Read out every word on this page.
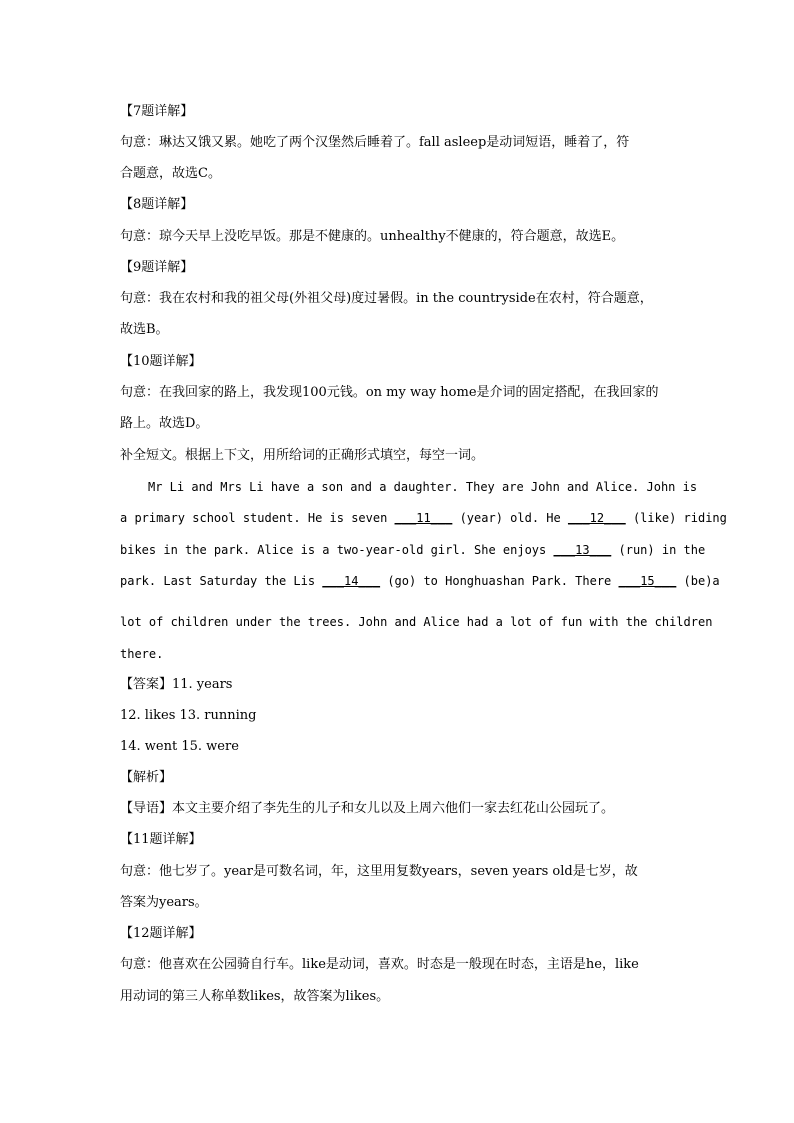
【7题详解】
句意：琳达又饿又累。她吃了两个汉堡然后睡着了。fall asleep是动词短语，睡着了，符
合题意，故选C。
【8题详解】
句意：琼今天早上没吃早饭。那是不健康的。unhealthy不健康的，符合题意，故选E。
【9题详解】
句意：我在农村和我的祖父母(外祖父母)度过暑假。in the countryside在农村，符合题意，
故选B。
【10题详解】
句意：在我回家的路上，我发现100元钱。on my way home是介词的固定搭配，在我回家的
路上。故选D。
补全短文。根据上下文，用所给词的正确形式填空，每空一词。
Mr Li and Mrs Li have a son and a daughter. They are John and Alice. John is
a primary school student. He is seven ___11___ (year) old. He ___12___ (like) riding
bikes in the park. Alice is a two-year-old girl. She enjoys ___13___ (run) in the
park. Last Saturday the Lis ___14___ (go) to Honghuashan Park. There ___15___ (be)a
lot of children under the trees. John and Alice had a lot of fun with the children
there.
【答案】11. years
12. likes 13. running
14. went 15. were
【解析】
【导语】本文主要介绍了李先生的儿子和女儿以及上周六他们一家去红花山公园玩了。
【11题详解】
句意：他七岁了。year是可数名词，年，这里用复数years，seven years old是七岁，故
答案为years。
【12题详解】
句意：他喜欢在公园骑自行车。like是动词，喜欢。时态是一般现在时态，主语是he，like
用动词的第三人称单数likes，故答案为likes。
